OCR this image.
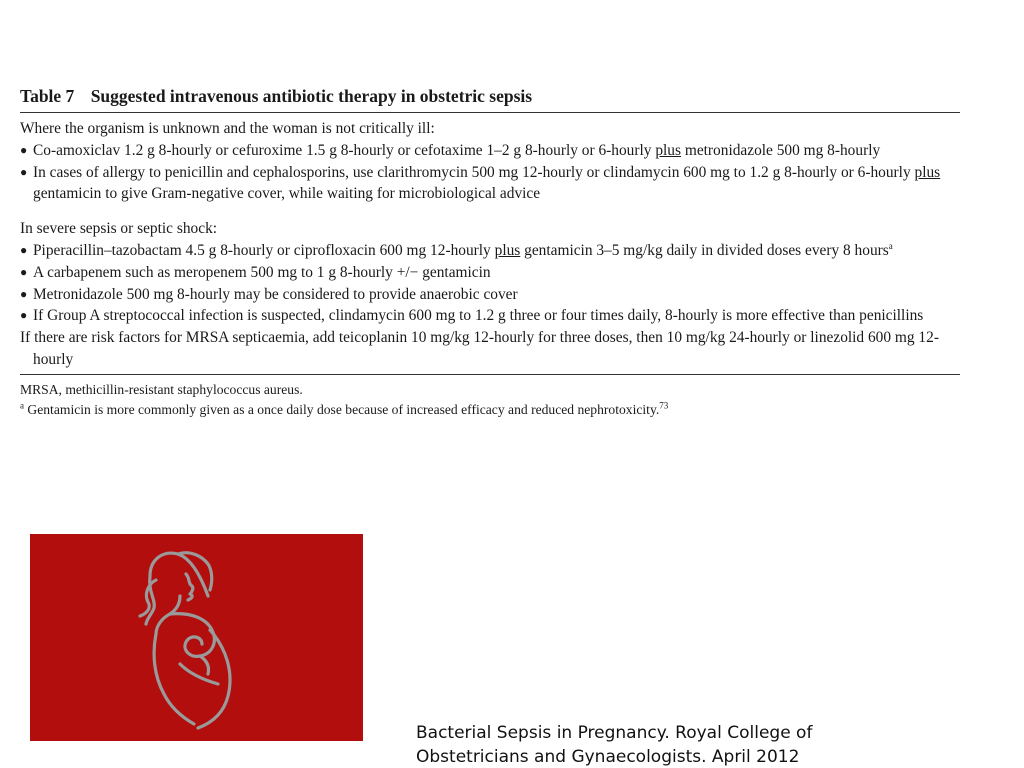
Table 7 Suggested intravenous antibiotic therapy in obstetric sepsis
Where the organism is unknown and the woman is not critically ill:
● Co-amoxiclav 1.2 g 8-hourly or cefuroxime 1.5 g 8-hourly or cefotaxime 1–2 g 8-hourly or 6-hourly plus metronidazole 500 mg 8-hourly
● In cases of allergy to penicillin and cephalosporins, use clarithromycin 500 mg 12-hourly or clindamycin 600 mg to 1.2 g 8-hourly or 6-hourly plus gentamicin to give Gram-negative cover, while waiting for microbiological advice
In severe sepsis or septic shock:
● Piperacillin–tazobactam 4.5 g 8-hourly or ciprofloxacin 600 mg 12-hourly plus gentamicin 3–5 mg/kg daily in divided doses every 8 hours$^a$
● A carbapenem such as meropenem 500 mg to 1 g 8-hourly +/− gentamicin
● Metronidazole 500 mg 8-hourly may be considered to provide anaerobic cover
● If Group A streptococcal infection is suspected, clindamycin 600 mg to 1.2 g three or four times daily, 8-hourly is more effective than penicillins
If there are risk factors for MRSA septicaemia, add teicoplanin 10 mg/kg 12-hourly for three doses, then 10 mg/kg 24-hourly or linezolid 600 mg 12-hourly
MRSA, methicillin-resistant staphylococcus aureus.
$^a$ Gentamicin is more commonly given as a once daily dose because of increased efficacy and reduced nephrotoxicity.$^{73}$
Bacterial Sepsis in Pregnancy. Royal College of
Obstetricians and Gynaecologists. April 2012
